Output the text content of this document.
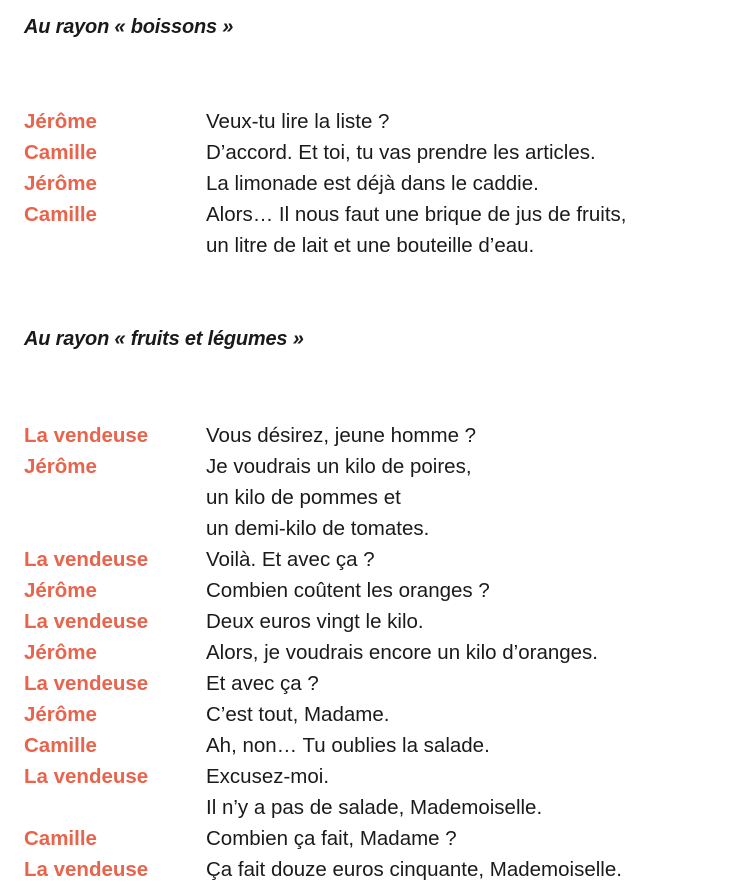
Au rayon « boissons »
Jérôme	Veux-tu lire la liste ?
Camille	D’accord. Et toi, tu vas prendre les articles.
Jérôme	La limonade est déjà dans le caddie.
Camille	Alors… Il nous faut une brique de jus de fruits,
un litre de lait et une bouteille d’eau.
Au rayon « fruits et légumes »
La vendeuse	Vous désirez, jeune homme ?
Jérôme	Je voudrais un kilo de poires,
un kilo de pommes et
un demi-kilo de tomates.
La vendeuse	Voilà. Et avec ça ?
Jérôme	Combien coûtent les oranges ?
La vendeuse	Deux euros vingt le kilo.
Jérôme	Alors, je voudrais encore un kilo d’oranges.
La vendeuse	Et avec ça ?
Jérôme	C’est tout, Madame.
Camille	Ah, non… Tu oublies la salade.
La vendeuse	Excusez-moi.
Il n’y a pas de salade, Mademoiselle.
Camille	Combien ça fait, Madame ?
La vendeuse	Ça fait douze euros cinquante, Mademoiselle.
